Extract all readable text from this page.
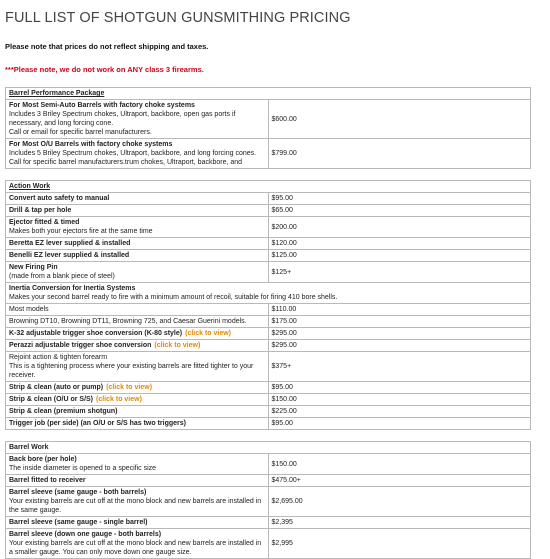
FULL LIST OF SHOTGUN GUNSMITHING PRICING

Please note that prices do not reflect shipping and taxes.

***Please note, we do not work on ANY class 3 firearms.

Barrel Performance Package	

For Most Semi-Auto Barrels with factory choke systems
Includes 3 Briley Spectrum chokes, Ultraport, backbore, open gas ports if necessary, and long forcing cone.
Call or email for specific barrel manufacturers.	$600.00

For Most O/U Barrels with factory choke systems
Includes 5 Briley Spectrum chokes, Ultraport, backbore, and long forcing cones.
Call for specific barrel manufacturers.trum chokes, Ultraport, backbore, and	$799.00
Action Work	

Convert auto safety to manual	$95.00

Drill & tap per hole	$65.00

Ejector fitted & timed
Makes both your ejectors fire at the same time	$200.00

Beretta EZ lever supplied & installed	$120.00

Benelli EZ lever supplied & installed	$125.00

New Firing Pin
(made from a blank piece of steel)	$125+

Inertia Conversion for Inertia Systems
Makes your second barrel ready to fire with a minimum amount of recoil, suitable for firing 410 bore shells.	

Most models	$110.00
Browning DT10, Browning DT11, Browning 725, and Caesar Guerini models.	$175.00
K-32 adjustable trigger shoe conversion (K-80 style) (click to view)	$295.00
Perazzi adjustable trigger shoe conversion (click to view)	$295.00

Rejoint action & tighten forearm
This is a tightening process where your existing barrels are fitted tighter to your receiver.	$375+
Strip & clean (auto or pump) (click to view)	$95.00
Strip & clean (O/U or S/S) (click to view)	$150.00

Strip & clean (premium shotgun)	$225.00

Trigger job (per side) (an O/U or S/S has two triggers)	$95.00
Barrel Work	

Back bore (per hole)
The inside diameter is opened to a specific size	$150.00

Barrel fitted to receiver	$475.00+

Barrel sleeve (same gauge - both barrels)
Your existing barrels are cut off at the mono block and new barrels are installed in the same gauge.	$2,695.00

Barrel sleeve (same gauge - single barrel)	$2,395

Barrel sleeve (down one gauge - both barrels)
Your existing barrels are cut off at the mono block and new barrels are installed in a smaller gauge. You can only move down one gauge size.	$2,995
